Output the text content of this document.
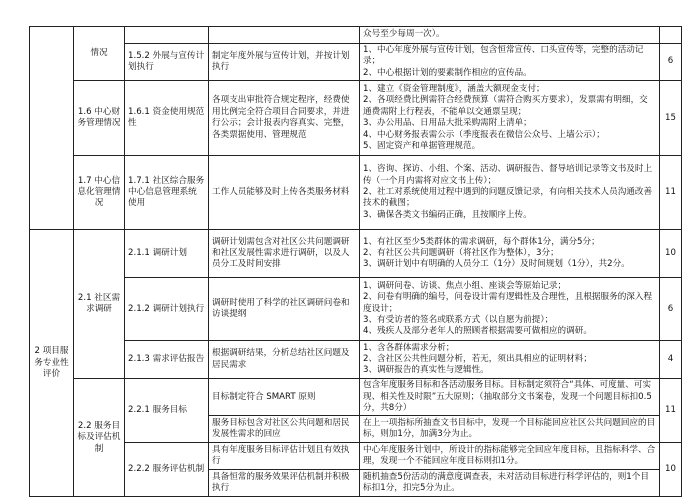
	情况			众号至少每周一次）。	
		1.5.2 外展与宣传计划执行	制定年度外展与宣传计划，并按计划执行	1、中心年度外展与宣传计划，包含恒常宣传、口头宣传等，完整的活动记录；
2、中心根据计划的要素制作相应的宣传品。	6
	1.6 中心财务管理情况	1.6.1 资金使用规范性	各项支出审批符合规定程序，经费使用比例完全符合项目合同要求，并进行公示；会计报表内容真实、完整，各类票据使用、管理规范	1、建立《资金管理制度》，涵盖大额现金支付；
2、各项经费比例需符合经费预算（需符合购买方要求），发票需有明细，交通费需附上行程表，不能单以交通票呈现；
3、办公用品、日用品大批采购需附上清单；
4、中心财务报表需公示（季度报表在微信公众号、上墙公示）；
5、固定资产和单据管理规范。	15
	1.7 中心信息化管理情况	1.7.1 社区综合服务中心信息管理系统使用	工作人员能够及时上传各类服务材料	1、咨询、探访、小组、个案、活动、调研报告、督导培训记录等文书及时上传（一个月内需将对应文书上传）；
2、社工对系统使用过程中遇到的问题反馈记录，有向相关技术人员沟通改善技术的截图；
3、确保各类文书编码正确，且按顺序上传。	11
2 项目服务专业性评价	2.1 社区需求调研	2.1.1 调研计划	调研计划需包含对社区公共问题调研和社区发展性需求进行调研，以及人员分工及时间安排	1、有社区至少5类群体的需求调研，每个群体1分，满分5分；
2、有社区公共问题调研（将社区作为整体），3分；
3、调研计划中有明确的人员分工（1分）及时间规划（1分），共2分。	10
		2.1.2 调研计划执行	调研时使用了科学的社区调研问卷和访谈提纲	1、调研问卷、访谈、焦点小组、座谈会等原始记录；
2、问卷有明确的编号，问卷设计需有逻辑性及合理性，且根据服务的深入程度设计；
3、有受访者的签名或联系方式（以自愿为前提）；
4、残疾人及部分老年人的照顾者根据需要可做相应的调研。	6
		2.1.3 需求评估报告	根据调研结果，分析总结社区问题及居民需求	1、含各群体需求分析；
2、含社区公共性问题分析，若无，须出具相应的证明材料；
3、调研报告的真实性与逻辑性。	4
	2.2 服务目标及评估机制	2.2.1 服务目标	目标制定符合 SMART 原则	包含年度服务目标和各活动服务目标。目标制定须符合“具体、可度量、可实现、相关性及时限”五大原则；（抽取部分文书案卷，发现一个问题目标扣0.5分，共8分）	11
			服务目标包含对社区公共问题和居民发展性需求的回应	在上一项指标所抽查文书目标中，发现一个目标能回应社区公共问题回应的目标，则加1分，加满3分为止。	

		2.2.2 服务评估机制	具有年度服务目标评估计划且有效执行	中心年度服务计划中，所设计的指标能够完全回应年度目标，且指标科学、合理，发现一个不能回应年度目标则扣1分。	10
			具备恒常的服务效果评估机制并积极执行	随机抽查5份活动的满意度调查表，未对活动目标进行科学评估的，则1个目标扣1分，扣完5分为止。	
